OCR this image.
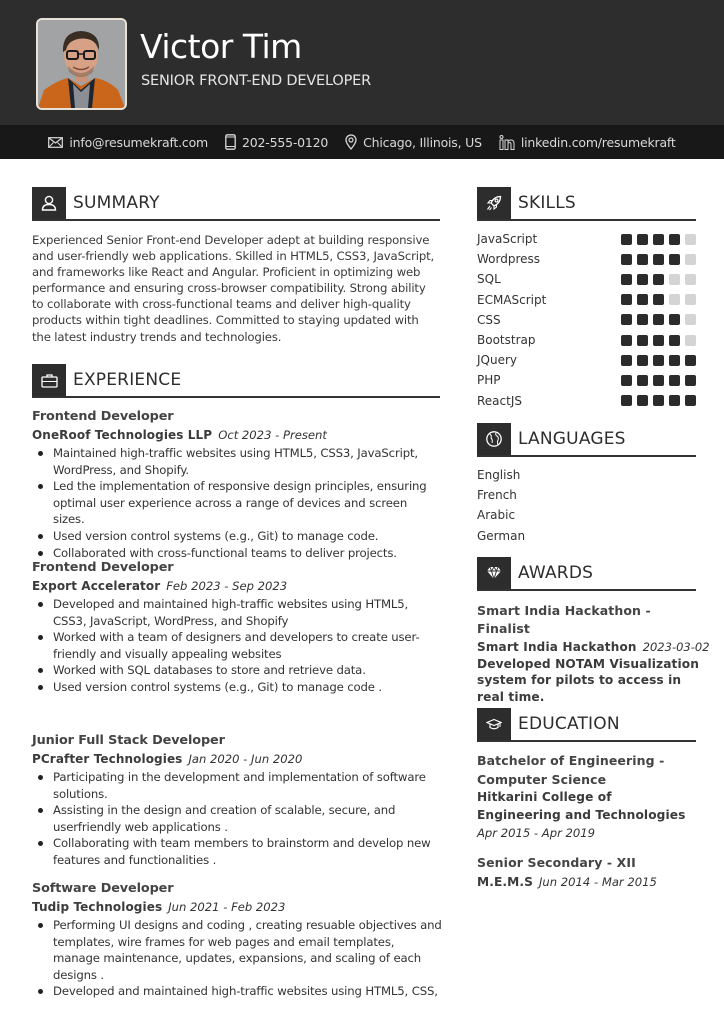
Victor Tim
SENIOR FRONT-END DEVELOPER
info@resumekraft.com	202-555-0120	Chicago, Illinois, US	linkedin.com/resumekraft
SUMMARY
Experienced Senior Front-end Developer adept at building responsive and user-friendly web applications. Skilled in HTML5, CSS3, JavaScript, and frameworks like React and Angular. Proficient in optimizing web performance and ensuring cross-browser compatibility. Strong ability to collaborate with cross-functional teams and deliver high-quality products within tight deadlines. Committed to staying updated with the latest industry trends and technologies.
EXPERIENCE
Frontend Developer
OneRoof Technologies LLP Oct 2023 - Present
Maintained high-traffic websites using HTML5, CSS3, JavaScript, WordPress, and Shopify.
Led the implementation of responsive design principles, ensuring optimal user experience across a range of devices and screen sizes.
Used version control systems (e.g., Git) to manage code.
Collaborated with cross-functional teams to deliver projects.
Frontend Developer
Export Accelerator Feb 2023 - Sep 2023
Developed and maintained high-traffic websites using HTML5, CSS3, JavaScript, WordPress, and Shopify
Worked with a team of designers and developers to create user-friendly and visually appealing websites
Worked with SQL databases to store and retrieve data.
Used version control systems (e.g., Git) to manage code .
Junior Full Stack Developer
PCrafter Technologies Jan 2020 - Jun 2020
Participating in the development and implementation of software solutions.
Assisting in the design and creation of scalable, secure, and userfriendly web applications .
Collaborating with team members to brainstorm and develop new features and functionalities .
Software Developer
Tudip Technologies Jun 2021 - Feb 2023
Performing UI designs and coding , creating resuable objectives and templates, wire frames for web pages and email templates, manage maintenance, updates, expansions, and scaling of each designs .
Developed and maintained high-traffic websites using HTML5, CSS,
SKILLS
JavaScript
Wordpress
SQL
ECMAScript
CSS
Bootstrap
JQuery
PHP
ReactJS
LANGUAGES
English
French
Arabic
German
AWARDS
Smart India Hackathon - Finalist
Smart India Hackathon 2023-03-02
Developed NOTAM Visualization system for pilots to access in real time.
EDUCATION
Batchelor of Engineering - Computer Science
Hitkarini College of Engineering and Technologies
Apr 2015 - Apr 2019
Senior Secondary - XII
M.E.M.S Jun 2014 - Mar 2015
